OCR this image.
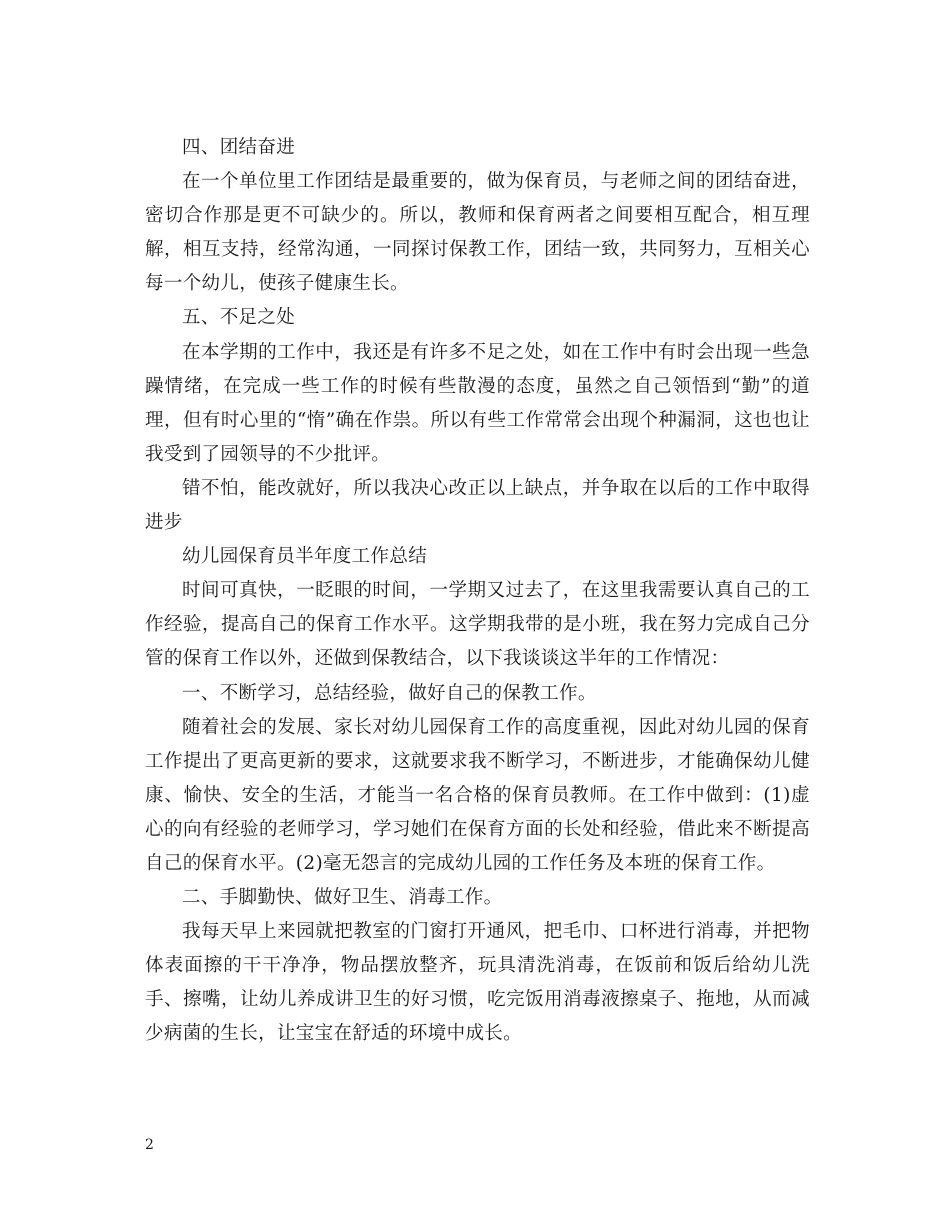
四、团结奋进

在一个单位里工作团结是最重要的，做为保育员，与老师之间的团结奋进，密切合作那是更不可缺少的。所以，教师和保育两者之间要相互配合，相互理解，相互支持，经常沟通，一同探讨保教工作，团结一致，共同努力，互相关心每一个幼儿，使孩子健康生长。

五、不足之处

在本学期的工作中，我还是有许多不足之处，如在工作中有时会出现一些急躁情绪，在完成一些工作的时候有些散漫的态度，虽然之自己领悟到“勤”的道理，但有时心里的“惰”确在作祟。所以有些工作常常会出现个种漏洞，这也也让我受到了园领导的不少批评。

错不怕，能改就好，所以我决心改正以上缺点，并争取在以后的工作中取得进步

幼儿园保育员半年度工作总结

时间可真快，一眨眼的时间，一学期又过去了，在这里我需要认真自己的工作经验，提高自己的保育工作水平。这学期我带的是小班，我在努力完成自己分管的保育工作以外，还做到保教结合，以下我谈谈这半年的工作情况：

一、不断学习，总结经验，做好自己的保教工作。

随着社会的发展、家长对幼儿园保育工作的高度重视，因此对幼儿园的保育工作提出了更高更新的要求，这就要求我不断学习，不断进步，才能确保幼儿健康、愉快、安全的生活，才能当一名合格的保育员教师。在工作中做到：(1)虚心的向有经验的老师学习，学习她们在保育方面的长处和经验，借此来不断提高自己的保育水平。(2)毫无怨言的完成幼儿园的工作任务及本班的保育工作。

二、手脚勤快、做好卫生、消毒工作。

我每天早上来园就把教室的门窗打开通风，把毛巾、口杯进行消毒，并把物体表面擦的干干净净，物品摆放整齐，玩具清洗消毒，在饭前和饭后给幼儿洗手、擦嘴，让幼儿养成讲卫生的好习惯，吃完饭用消毒液擦桌子、拖地，从而减少病菌的生长，让宝宝在舒适的环境中成长。

2
